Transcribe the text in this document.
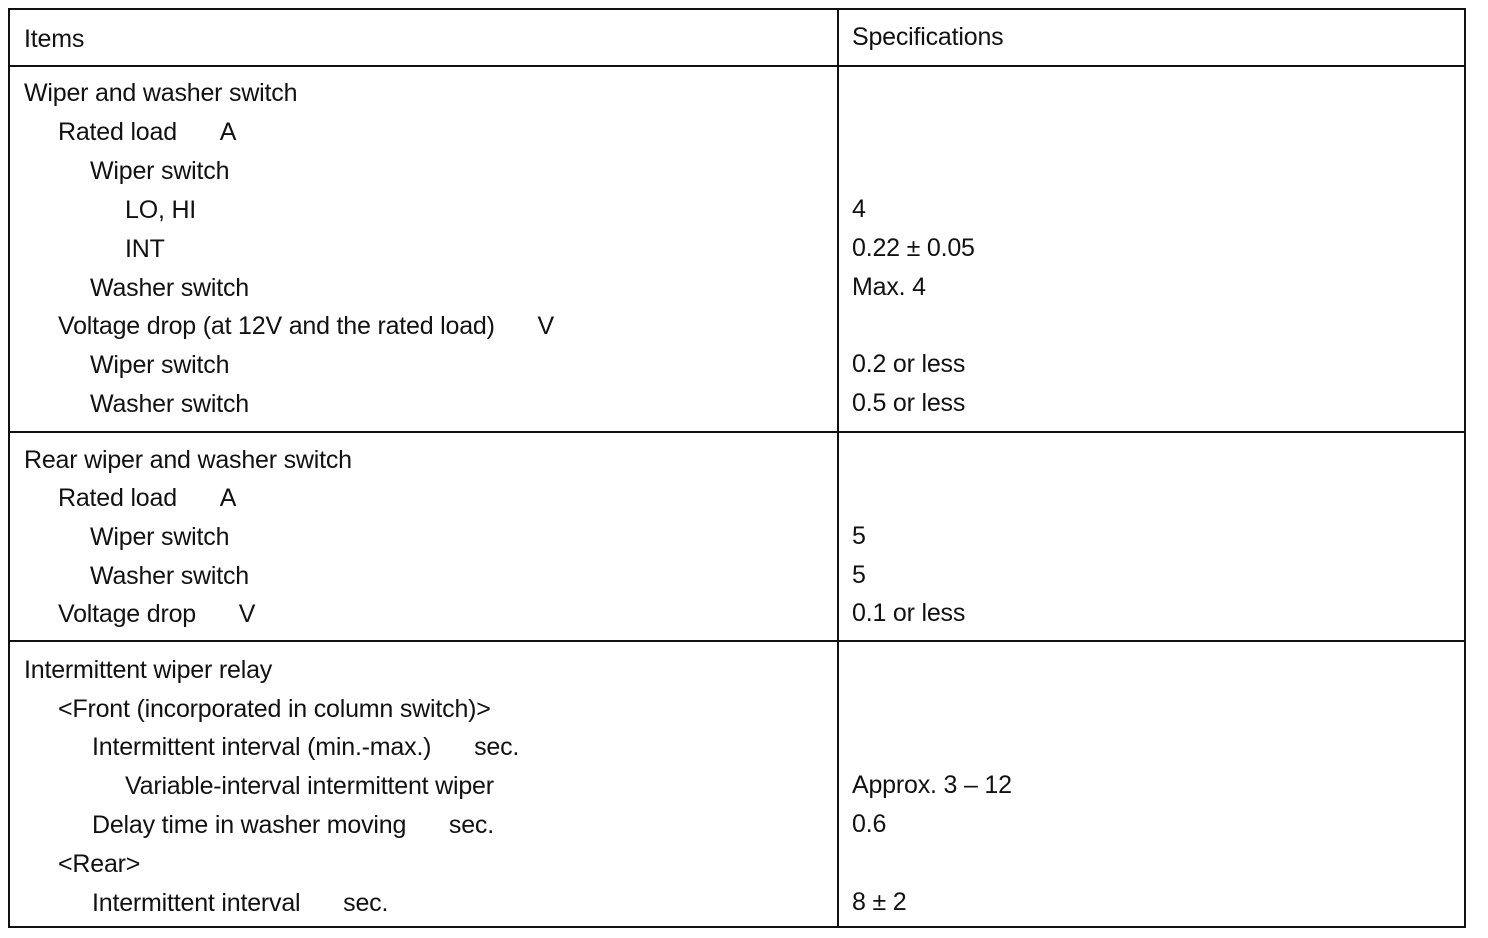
Items	Specifications
Wiper and washer switch
Rated load A
Wiper switch
LO, HI	4
INT	0.22 ± 0.05
Washer switch	Max. 4
Voltage drop (at 12V and the rated load) V
Wiper switch	0.2 or less
Washer switch	0.5 or less
Rear wiper and washer switch
Rated load A
Wiper switch	5
Washer switch	5
Voltage drop V	0.1 or less
Intermittent wiper relay
<Front (incorporated in column switch)>
Intermittent interval (min.-max.) sec.
Variable-interval intermittent wiper	Approx. 3 – 12
Delay time in washer moving sec.	0.6
<Rear>
Intermittent interval sec.	8 ± 2
